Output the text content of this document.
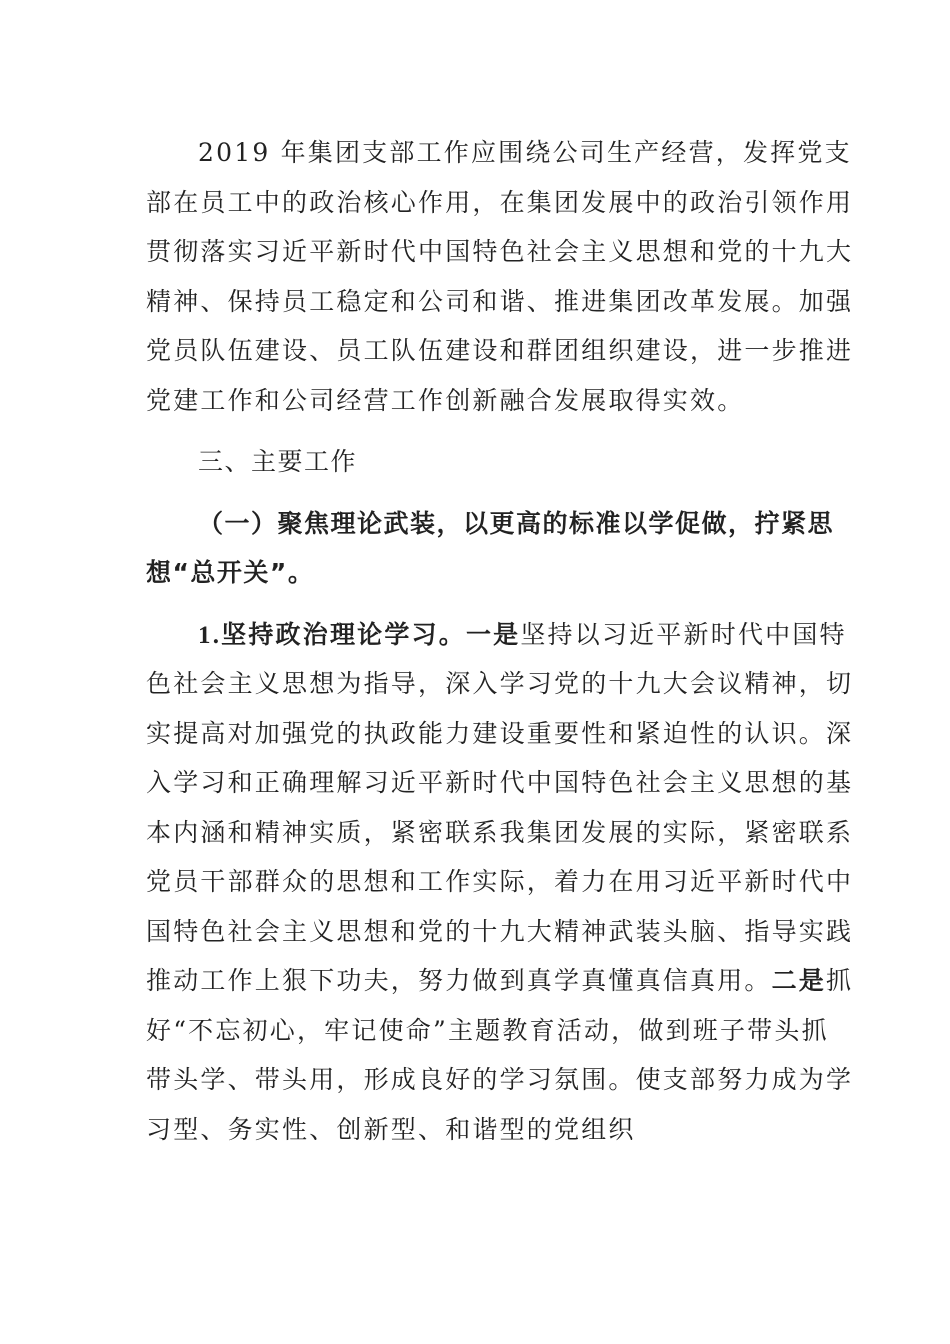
2019 年集团支部工作应围绕公司生产经营，发挥党支
部在员工中的政治核心作用，在集团发展中的政治引领作用
贯彻落实习近平新时代中国特色社会主义思想和党的十九大
精神、保持员工稳定和公司和谐、推进集团改革发展。加强
党员队伍建设、员工队伍建设和群团组织建设，进一步推进
党建工作和公司经营工作创新融合发展取得实效。
三、主要工作
（一）聚焦理论武装，以更高的标准以学促做，拧紧思
想“总开关”。
1.坚持政治理论学习。一是坚持以习近平新时代中国特
色社会主义思想为指导，深入学习党的十九大会议精神，切
实提高对加强党的执政能力建设重要性和紧迫性的认识。深
入学习和正确理解习近平新时代中国特色社会主义思想的基
本内涵和精神实质，紧密联系我集团发展的实际，紧密联系
党员干部群众的思想和工作实际，着力在用习近平新时代中
国特色社会主义思想和党的十九大精神武装头脑、指导实践
推动工作上狠下功夫，努力做到真学真懂真信真用。二是抓
好“不忘初心，牢记使命”主题教育活动，做到班子带头抓
带头学、带头用，形成良好的学习氛围。使支部努力成为学
习型、务实性、创新型、和谐型的党组织
